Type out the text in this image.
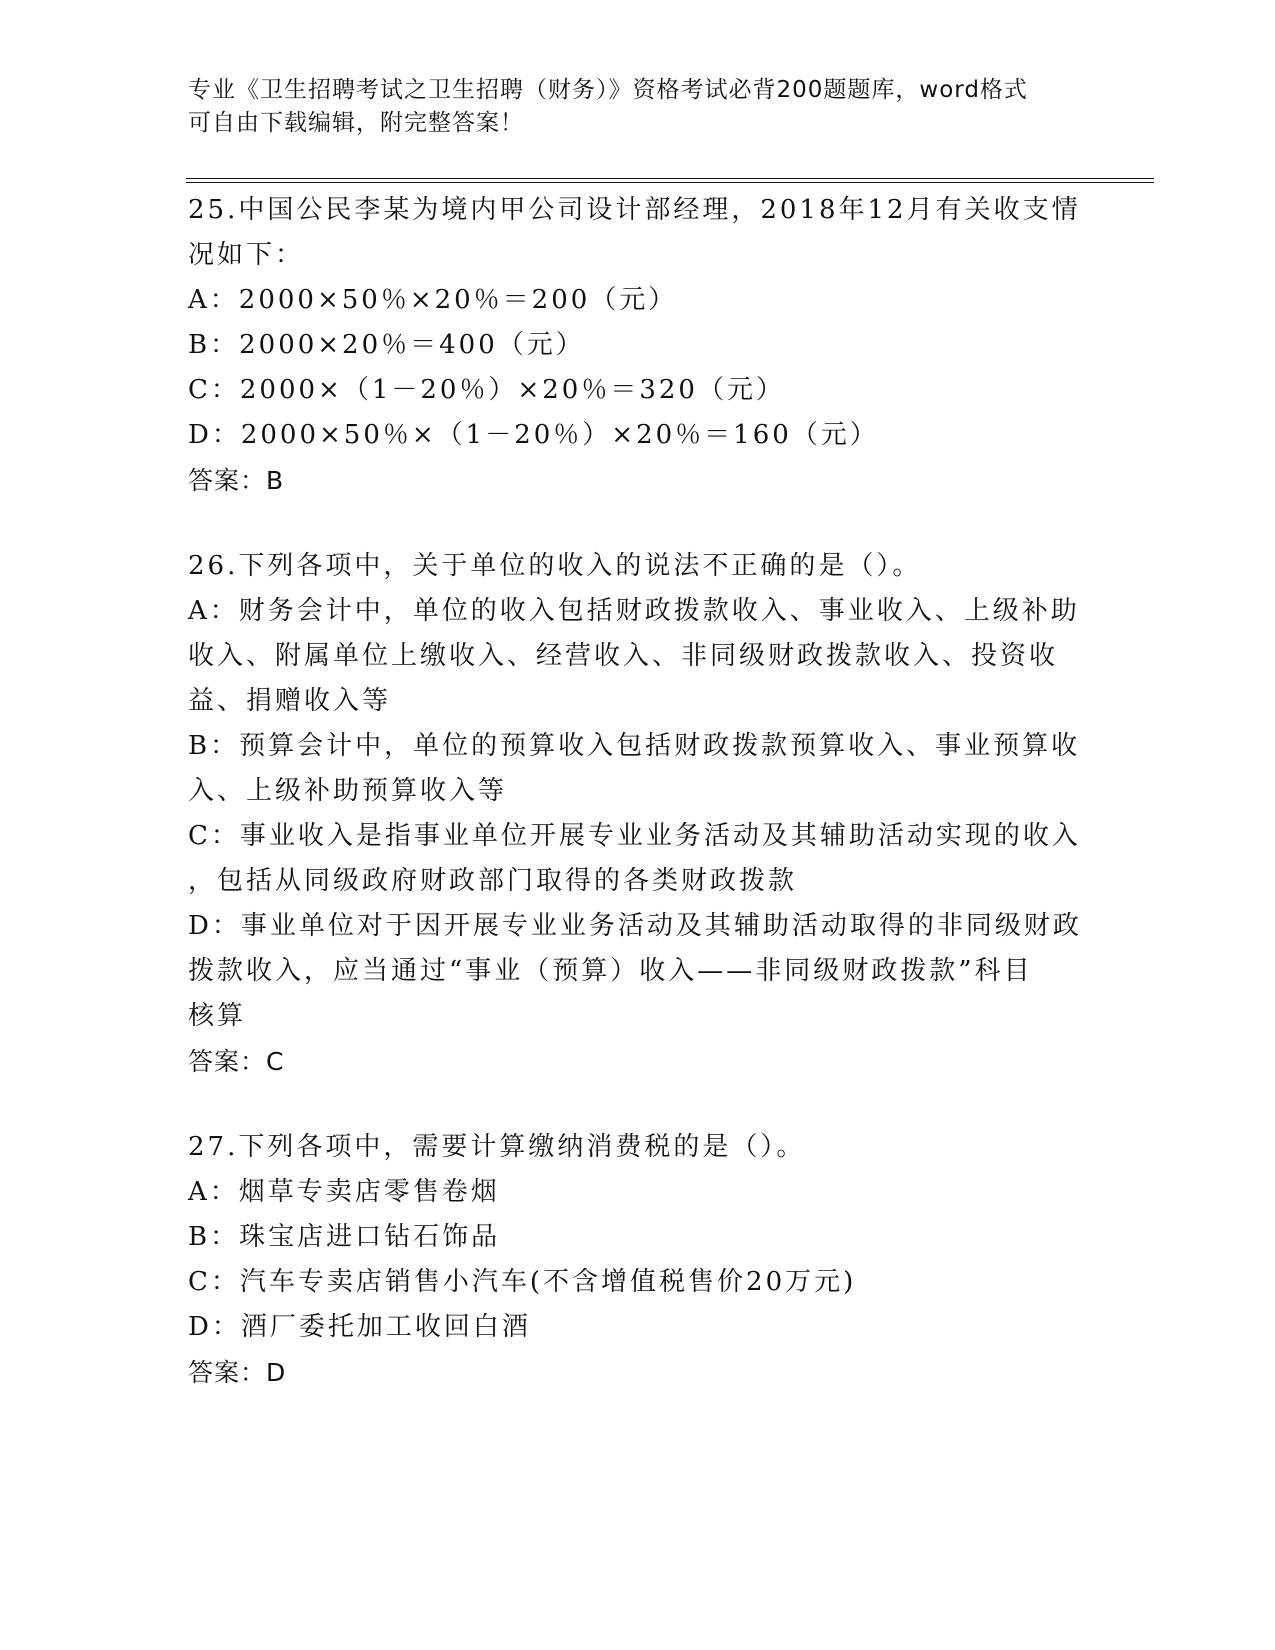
专业《卫生招聘考试之卫生招聘（财务）》资格考试必背200题题库，word格式
可自由下载编辑，附完整答案！
25.中国公民李某为境内甲公司设计部经理，2018年12月有关收支情
况如下：
A：2000×50％×20％＝200（元）
B：2000×20％＝400（元）
C：2000×（1－20％）×20％＝320（元）
D：2000×50％×（1－20％）×20％＝160（元）
答案：B
26.下列各项中，关于单位的收入的说法不正确的是（）。
A：财务会计中，单位的收入包括财政拨款收入、事业收入、上级补助
收入、附属单位上缴收入、经营收入、非同级财政拨款收入、投资收
益、捐赠收入等
B：预算会计中，单位的预算收入包括财政拨款预算收入、事业预算收
入、上级补助预算收入等
C：事业收入是指事业单位开展专业业务活动及其辅助活动实现的收入
，包括从同级政府财政部门取得的各类财政拨款
D：事业单位对于因开展专业业务活动及其辅助活动取得的非同级财政
拨款收入，应当通过“事业（预算）收入——非同级财政拨款”科目
核算
答案：C
27.下列各项中，需要计算缴纳消费税的是（）。
A：烟草专卖店零售卷烟
B：珠宝店进口钻石饰品
C：汽车专卖店销售小汽车(不含增值税售价20万元)
D：酒厂委托加工收回白酒
答案：D
